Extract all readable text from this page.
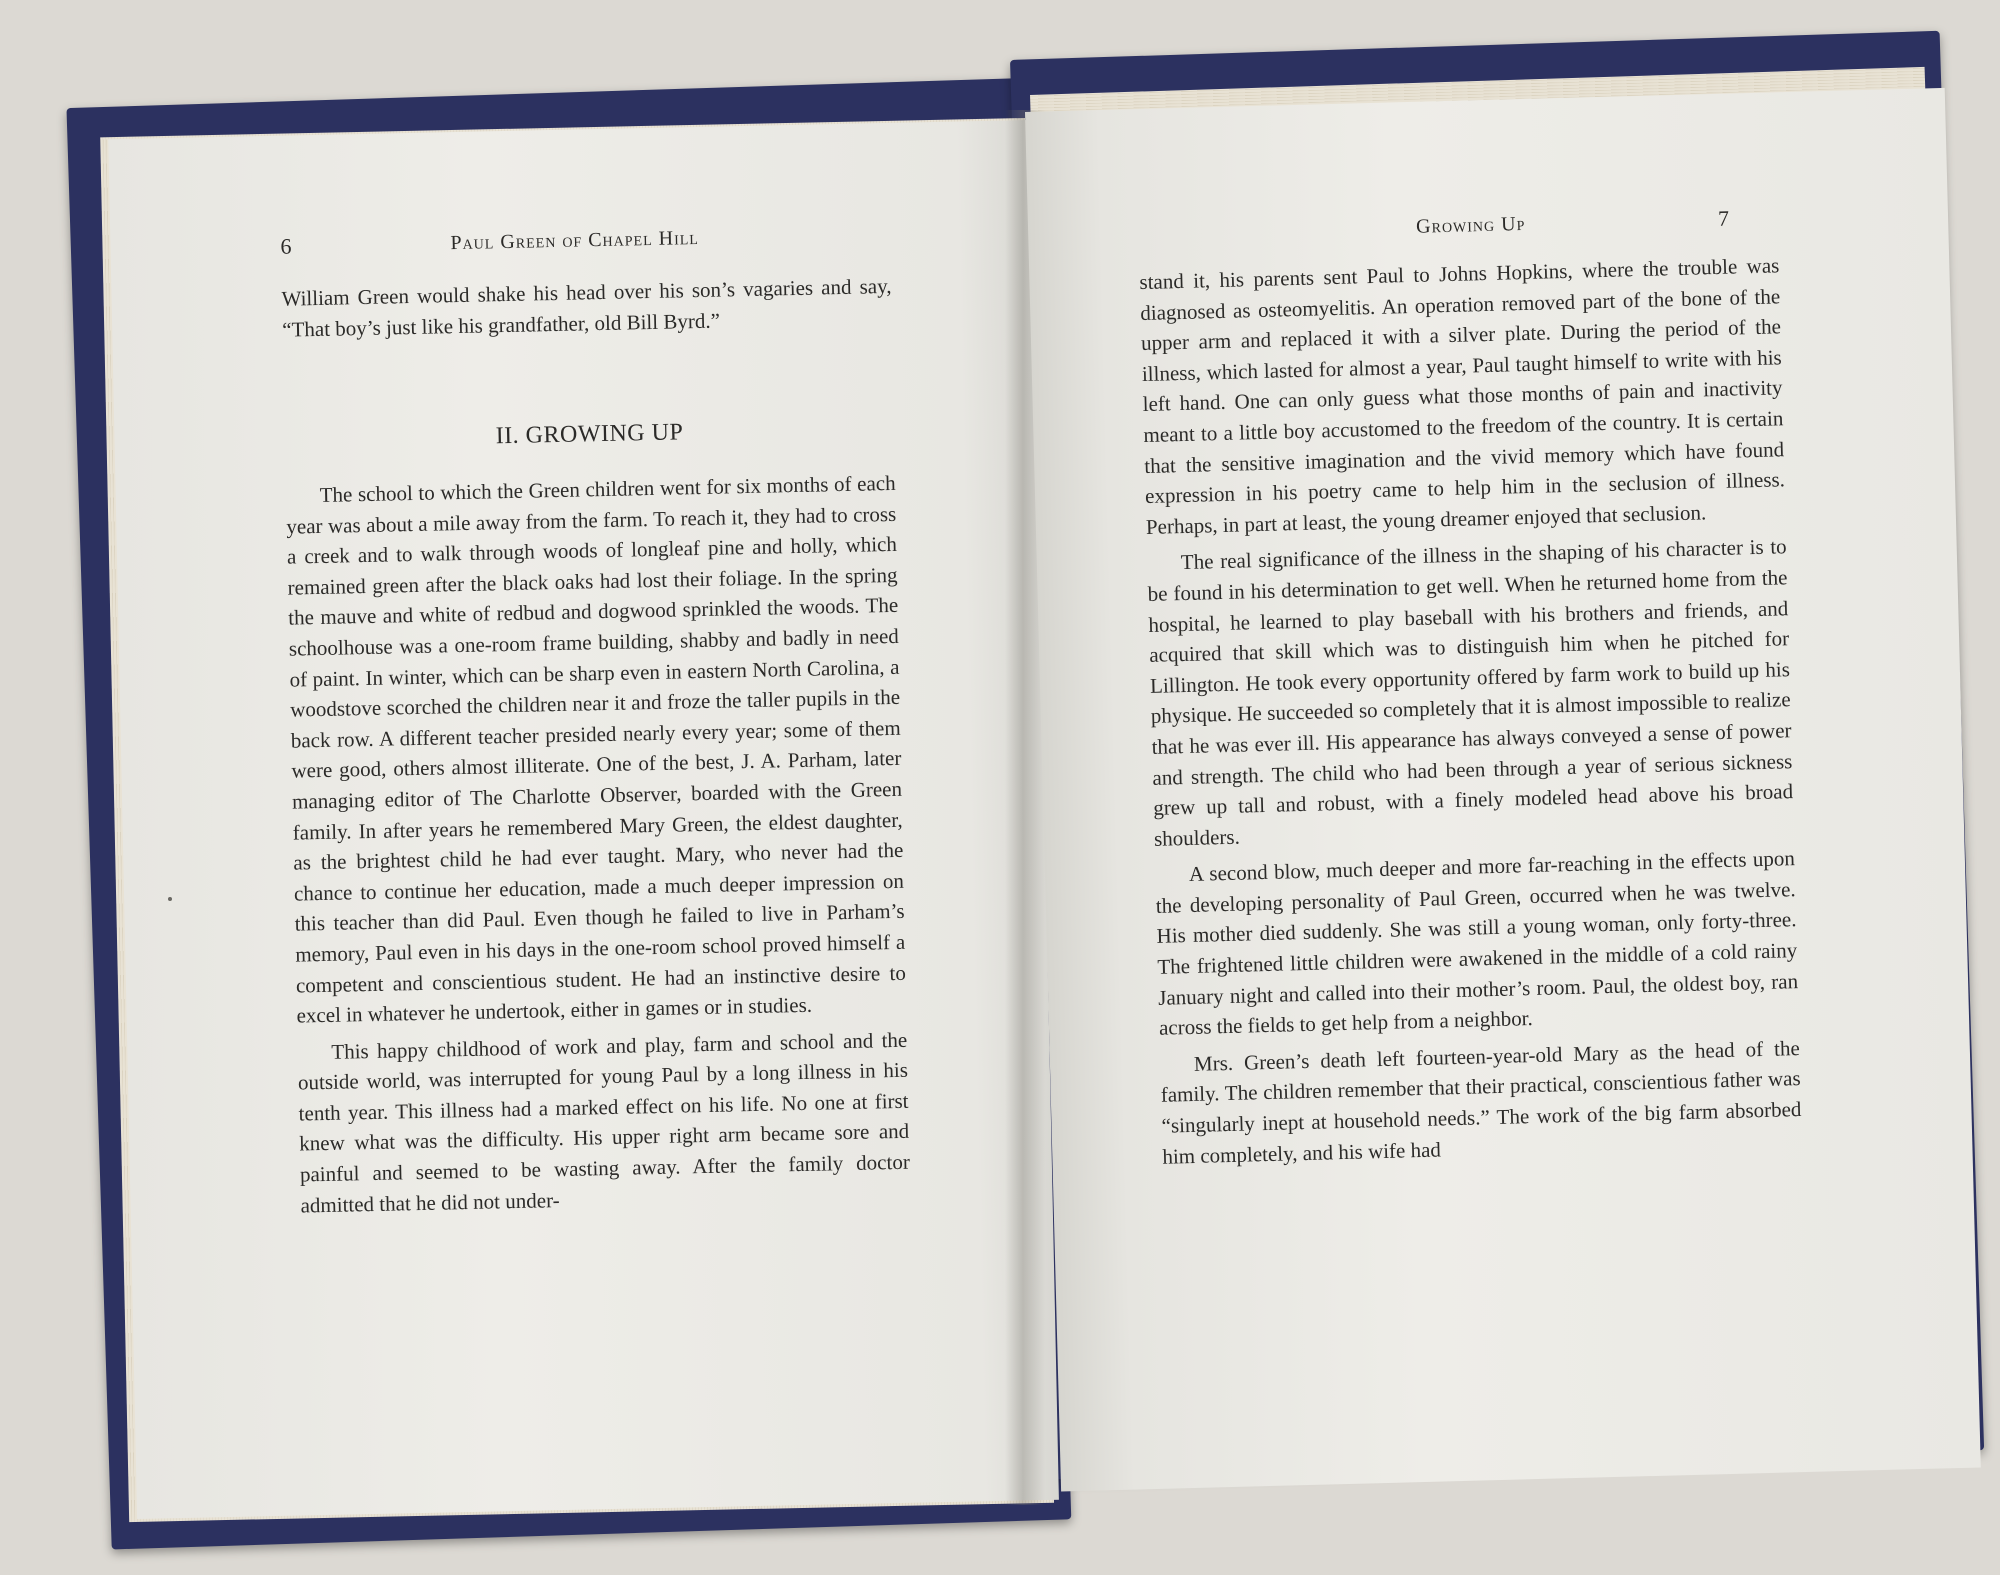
6	Paul Green of Chapel Hill

William Green would shake his head over his son’s vagaries and say, “That boy’s just like his grandfather, old Bill Byrd.”

II. GROWING UP

The school to which the Green children went for six months of each year was about a mile away from the farm. To reach it, they had to cross a creek and to walk through woods of longleaf pine and holly, which remained green after the black oaks had lost their foliage. In the spring the mauve and white of redbud and dogwood sprinkled the woods. The schoolhouse was a one-room frame building, shabby and badly in need of paint. In winter, which can be sharp even in eastern North Carolina, a woodstove scorched the children near it and froze the taller pupils in the back row. A different teacher presided nearly every year; some of them were good, others almost illiterate. One of the best, J. A. Parham, later managing editor of The Charlotte Observer, boarded with the Green family. In after years he remembered Mary Green, the eldest daughter, as the brightest child he had ever taught. Mary, who never had the chance to continue her education, made a much deeper impression on this teacher than did Paul. Even though he failed to live in Parham’s memory, Paul even in his days in the one-room school proved himself a competent and conscientious student. He had an instinctive desire to excel in whatever he undertook, either in games or in studies.

This happy childhood of work and play, farm and school and the outside world, was interrupted for young Paul by a long illness in his tenth year. This illness had a marked effect on his life. No one at first knew what was the difficulty. His upper right arm became sore and painful and seemed to be wasting away. After the family doctor admitted that he did not under-

Growing Up	7

stand it, his parents sent Paul to Johns Hopkins, where the trouble was diagnosed as osteomyelitis. An operation removed part of the bone of the upper arm and replaced it with a silver plate. During the period of the illness, which lasted for almost a year, Paul taught himself to write with his left hand. One can only guess what those months of pain and inactivity meant to a little boy accustomed to the freedom of the country. It is certain that the sensitive imagination and the vivid memory which have found expression in his poetry came to help him in the seclusion of illness. Perhaps, in part at least, the young dreamer enjoyed that seclusion.

The real significance of the illness in the shaping of his character is to be found in his determination to get well. When he returned home from the hospital, he learned to play baseball with his brothers and friends, and acquired that skill which was to distinguish him when he pitched for Lillington. He took every opportunity offered by farm work to build up his physique. He succeeded so completely that it is almost impossible to realize that he was ever ill. His appearance has always conveyed a sense of power and strength. The child who had been through a year of serious sickness grew up tall and robust, with a finely modeled head above his broad shoulders.

A second blow, much deeper and more far-reaching in the effects upon the developing personality of Paul Green, occurred when he was twelve. His mother died suddenly. She was still a young woman, only forty-three. The frightened little children were awakened in the middle of a cold rainy January night and called into their mother’s room. Paul, the oldest boy, ran across the fields to get help from a neighbor.

Mrs. Green’s death left fourteen-year-old Mary as the head of the family. The children remember that their practical, conscientious father was “singularly inept at household needs.” The work of the big farm absorbed him completely, and his wife had
